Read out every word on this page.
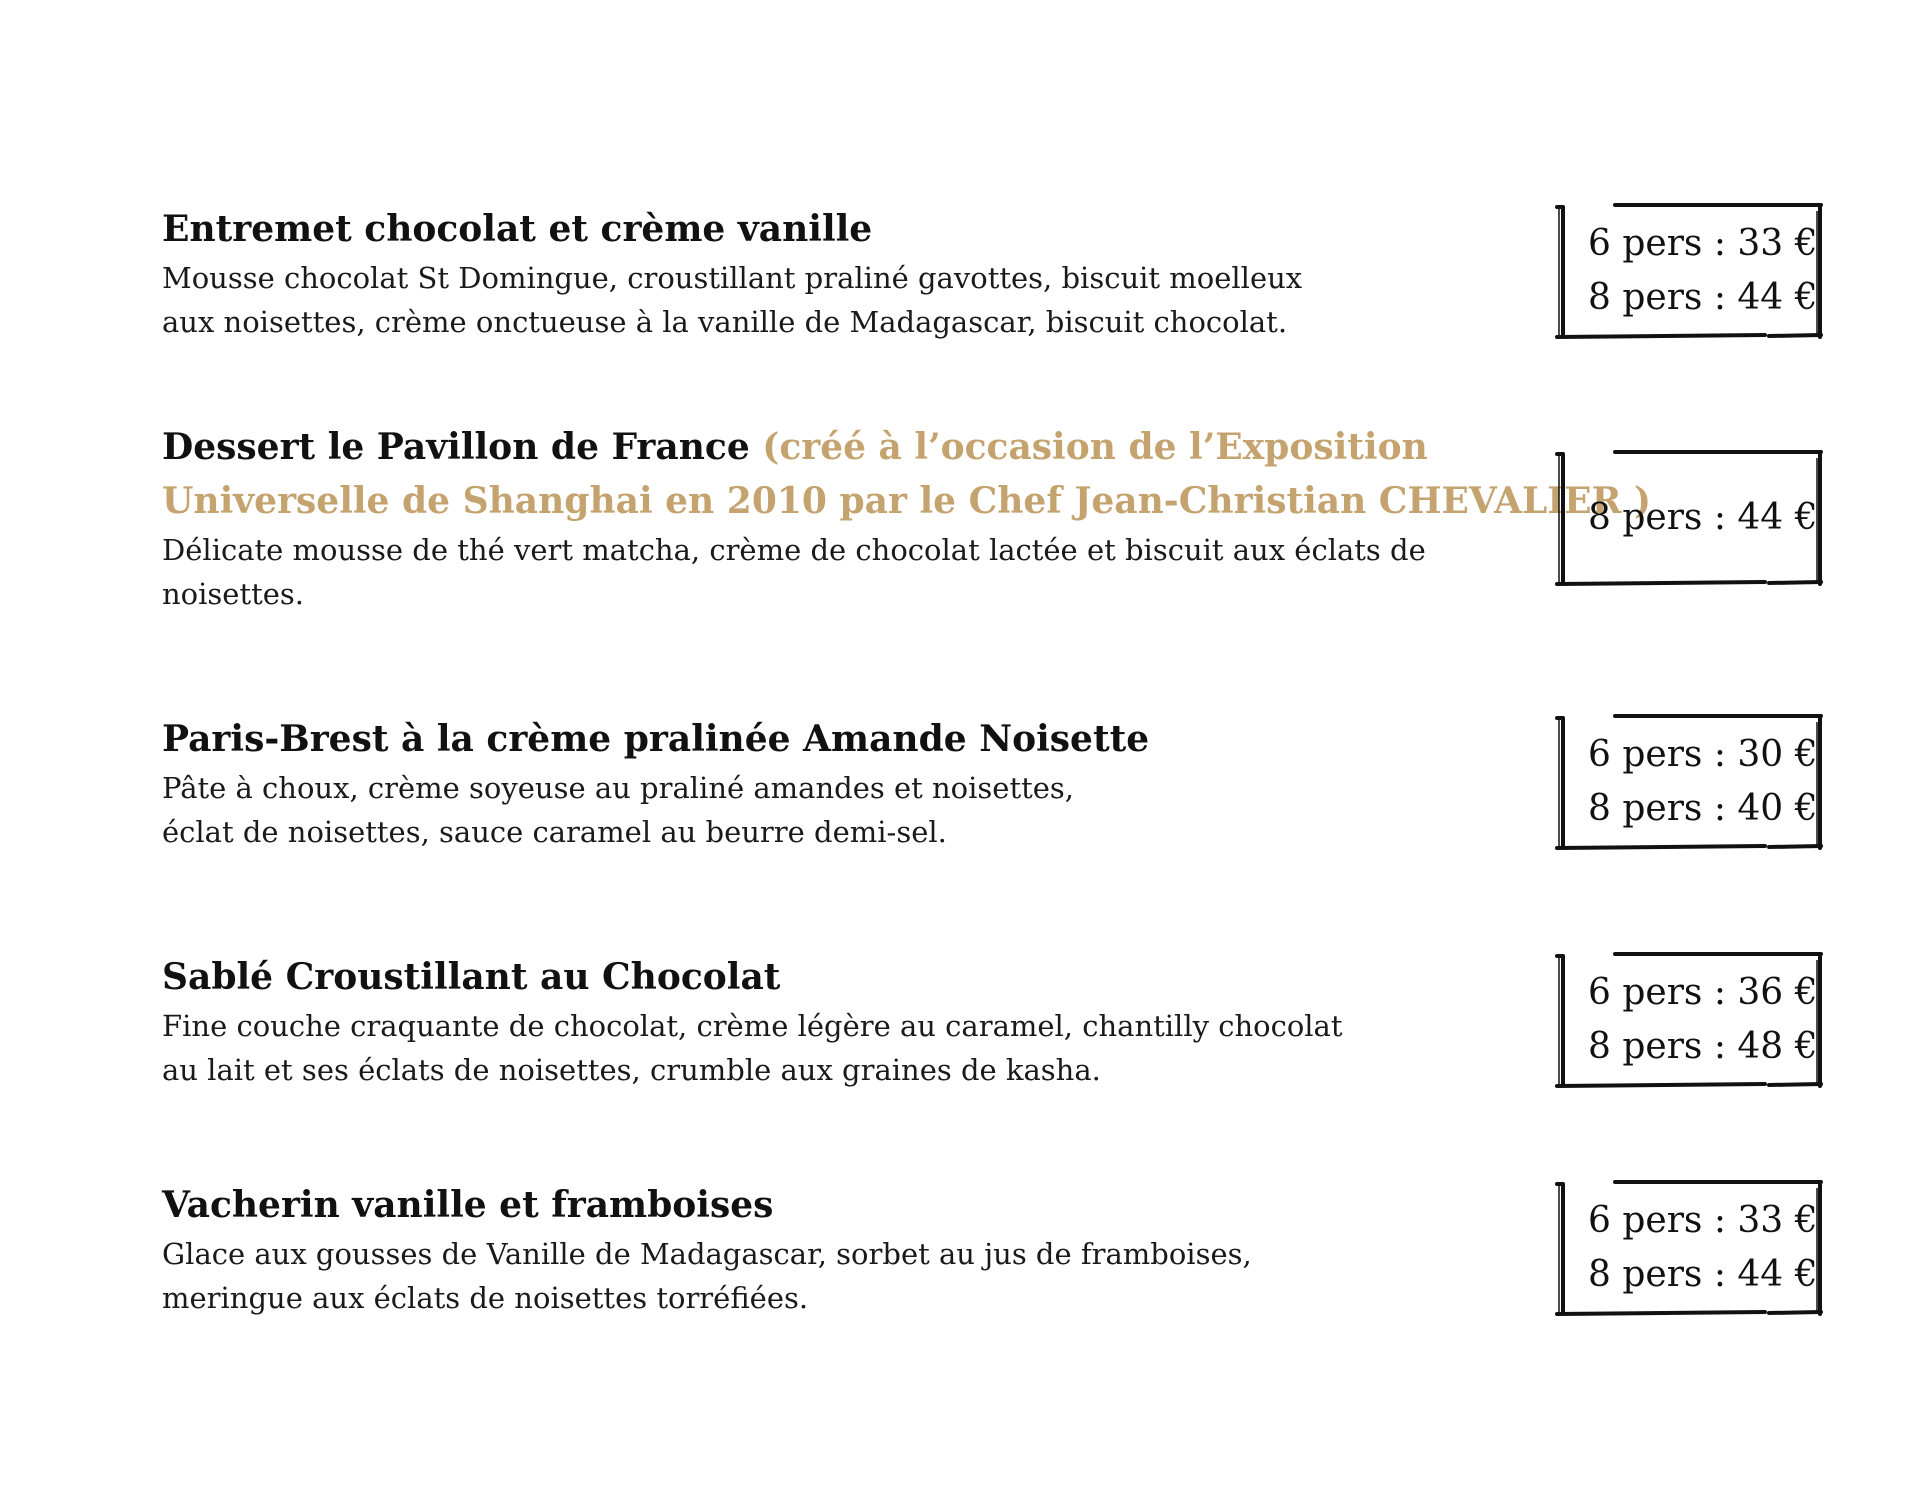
Entremet chocolat et crème vanille

Mousse chocolat St Domingue, croustillant praliné gavottes, biscuit moelleux

aux noisettes, crème onctueuse à la vanille de Madagascar, biscuit chocolat.

6 pers : 33 €
8 pers : 44 €

Dessert le Pavillon de France (créé à l’occasion de l’Exposition

Universelle de Shanghai en 2010 par le Chef Jean-Christian CHEVALIER )

Délicate mousse de thé vert matcha, crème de chocolat lactée et biscuit aux éclats de

noisettes.

8 pers : 44 €

Paris-Brest à la crème pralinée Amande Noisette

Pâte à choux, crème soyeuse au praliné amandes et noisettes,

éclat de noisettes, sauce caramel au beurre demi-sel.

6 pers : 30 €
8 pers : 40 €

Sablé Croustillant au Chocolat

Fine couche craquante de chocolat, crème légère au caramel, chantilly chocolat

au lait et ses éclats de noisettes, crumble aux graines de kasha.

6 pers : 36 €
8 pers : 48 €

Vacherin vanille et framboises

Glace aux gousses de Vanille de Madagascar, sorbet au jus de framboises,

meringue aux éclats de noisettes torréfiées.

6 pers : 33 €
8 pers : 44 €
